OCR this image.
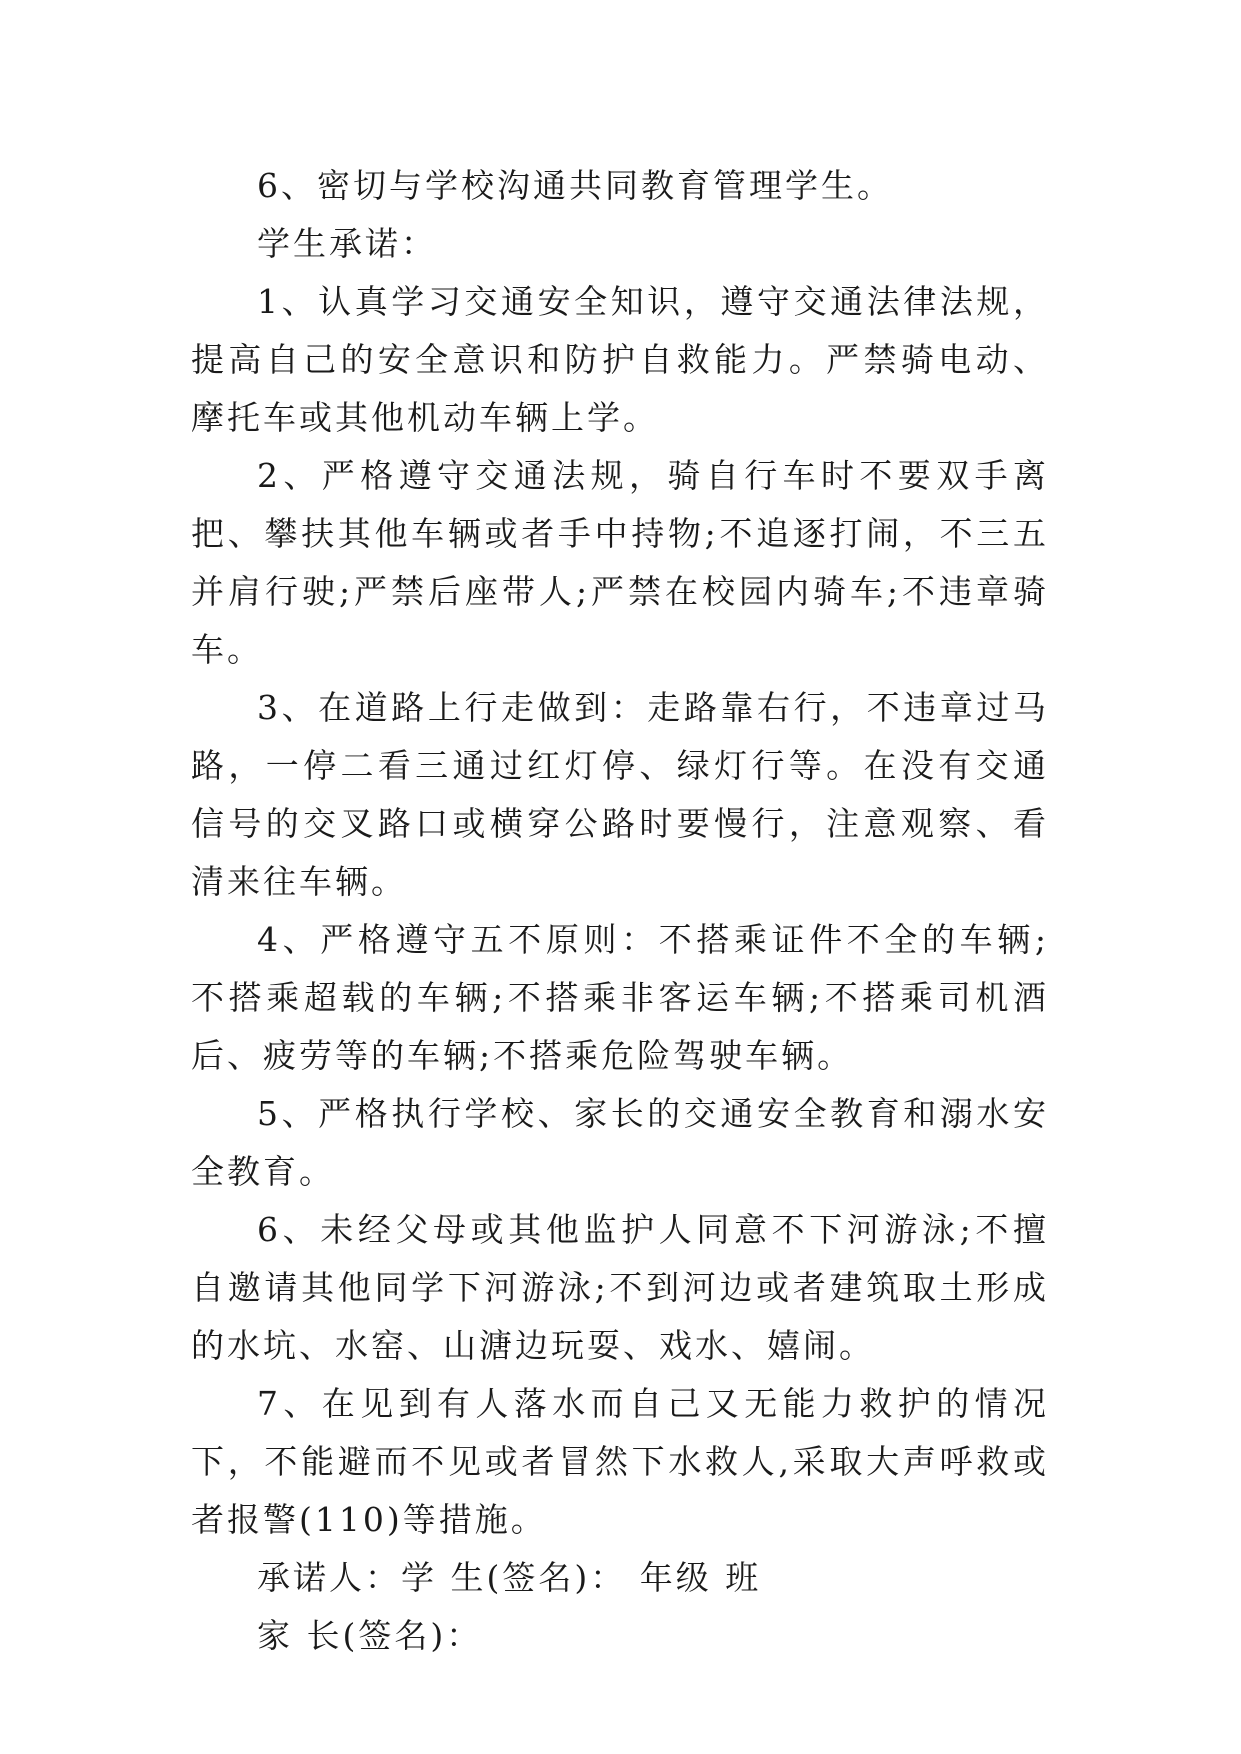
6、密切与学校沟通共同教育管理学生。

学生承诺：

1、认真学习交通安全知识，遵守交通法律法规，提高自己的安全意识和防护自救能力。严禁骑电动、摩托车或其他机动车辆上学。

2、严格遵守交通法规，骑自行车时不要双手离把、攀扶其他车辆或者手中持物;不追逐打闹，不三五并肩行驶;严禁后座带人;严禁在校园内骑车;不违章骑车。

3、在道路上行走做到：走路靠右行，不违章过马路，一停二看三通过红灯停、绿灯行等。在没有交通信号的交叉路口或横穿公路时要慢行，注意观察、看清来往车辆。

4、严格遵守五不原则：不搭乘证件不全的车辆;不搭乘超载的车辆;不搭乘非客运车辆;不搭乘司机酒后、疲劳等的车辆;不搭乘危险驾驶车辆。

5、严格执行学校、家长的交通安全教育和溺水安全教育。

6、未经父母或其他监护人同意不下河游泳;不擅自邀请其他同学下河游泳;不到河边或者建筑取土形成的水坑、水窑、山溏边玩耍、戏水、嬉闹。

7、在见到有人落水而自己又无能力救护的情况下，不能避而不见或者冒然下水救人,采取大声呼救或者报警(110)等措施。

承诺人：学 生(签名)： 年级 班

家 长(签名)：
